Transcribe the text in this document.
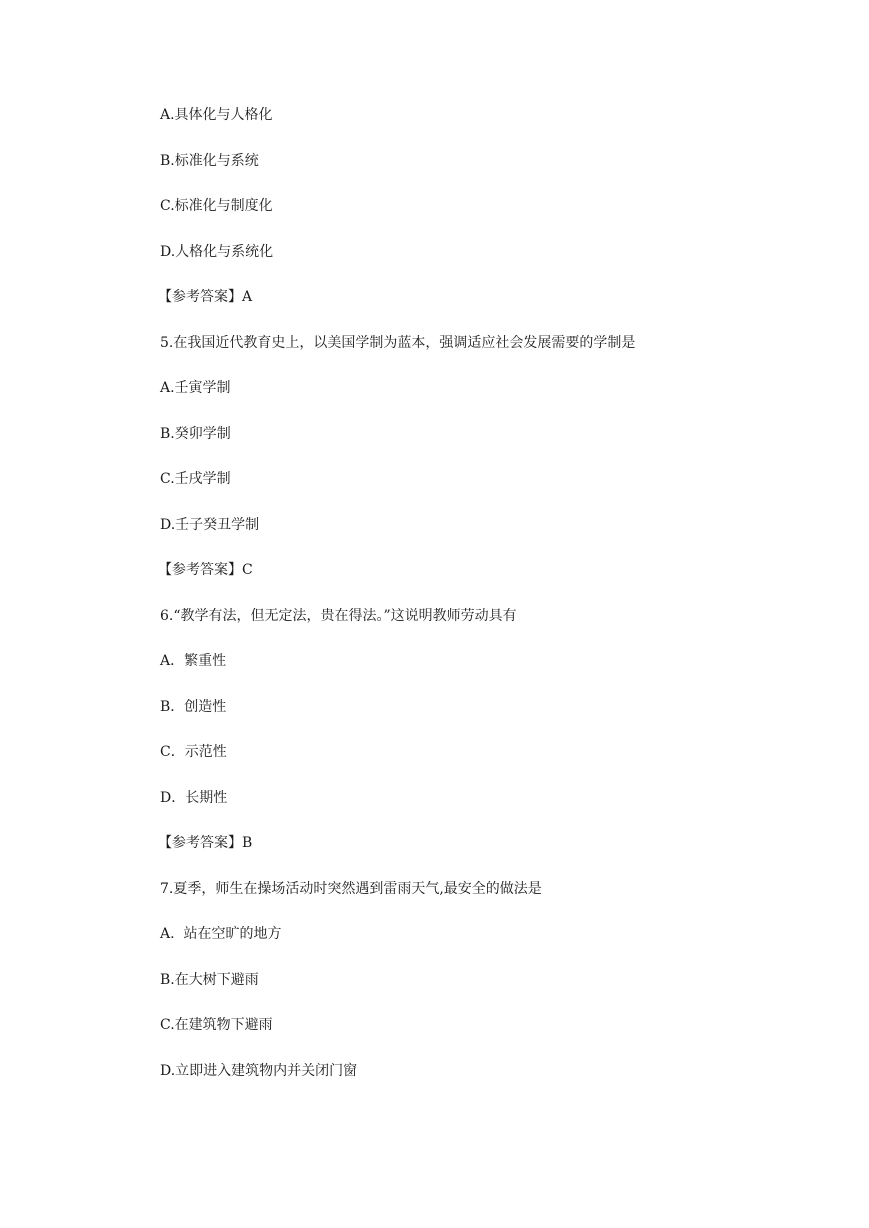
A.具体化与人格化

B.标准化与系统

C.标准化与制度化

D.人格化与系统化

【参考答案】A

5.在我国近代教育史上，以美国学制为蓝本，强调适应社会发展需要的学制是

A.壬寅学制

B.癸卯学制

C.壬戌学制

D.壬子癸丑学制

【参考答案】C

6.“教学有法，但无定法，贵在得法。”这说明教师劳动具有

A．繁重性

B．创造性

C．示范性

D．长期性

【参考答案】B

7.夏季，师生在操场活动时突然遇到雷雨天气,最安全的做法是

A.  站在空旷的地方

B.在大树下避雨

C.在建筑物下避雨

D.立即进入建筑物内并关闭门窗
